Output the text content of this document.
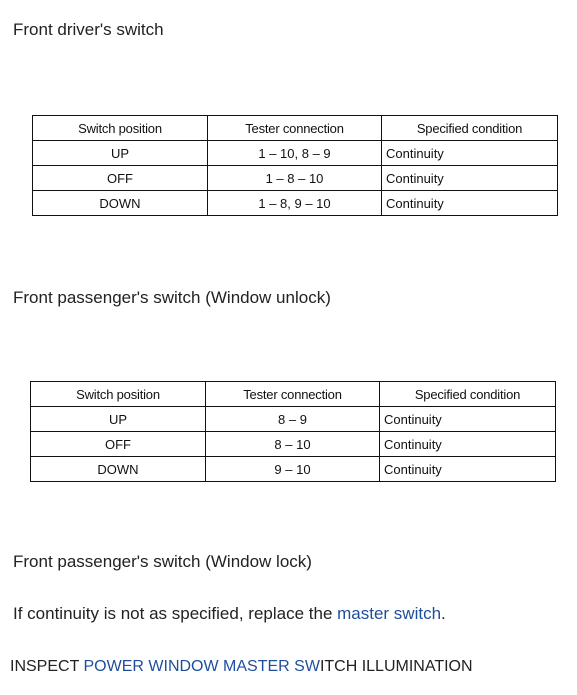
Front driver's switch

Switch position	Tester connection	Specified condition
UP	1 – 10, 8 – 9	Continuity
OFF	1 – 8 – 10	Continuity
DOWN	1 – 8, 9 – 10	Continuity

Front passenger's switch (Window unlock)

Switch position	Tester connection	Specified condition
UP	8 – 9	Continuity
OFF	8 – 10	Continuity
DOWN	9 – 10	Continuity

Front passenger's switch (Window lock)

If continuity is not as specified, replace the master switch.

INSPECT POWER WINDOW MASTER SWITCH ILLUMINATION
